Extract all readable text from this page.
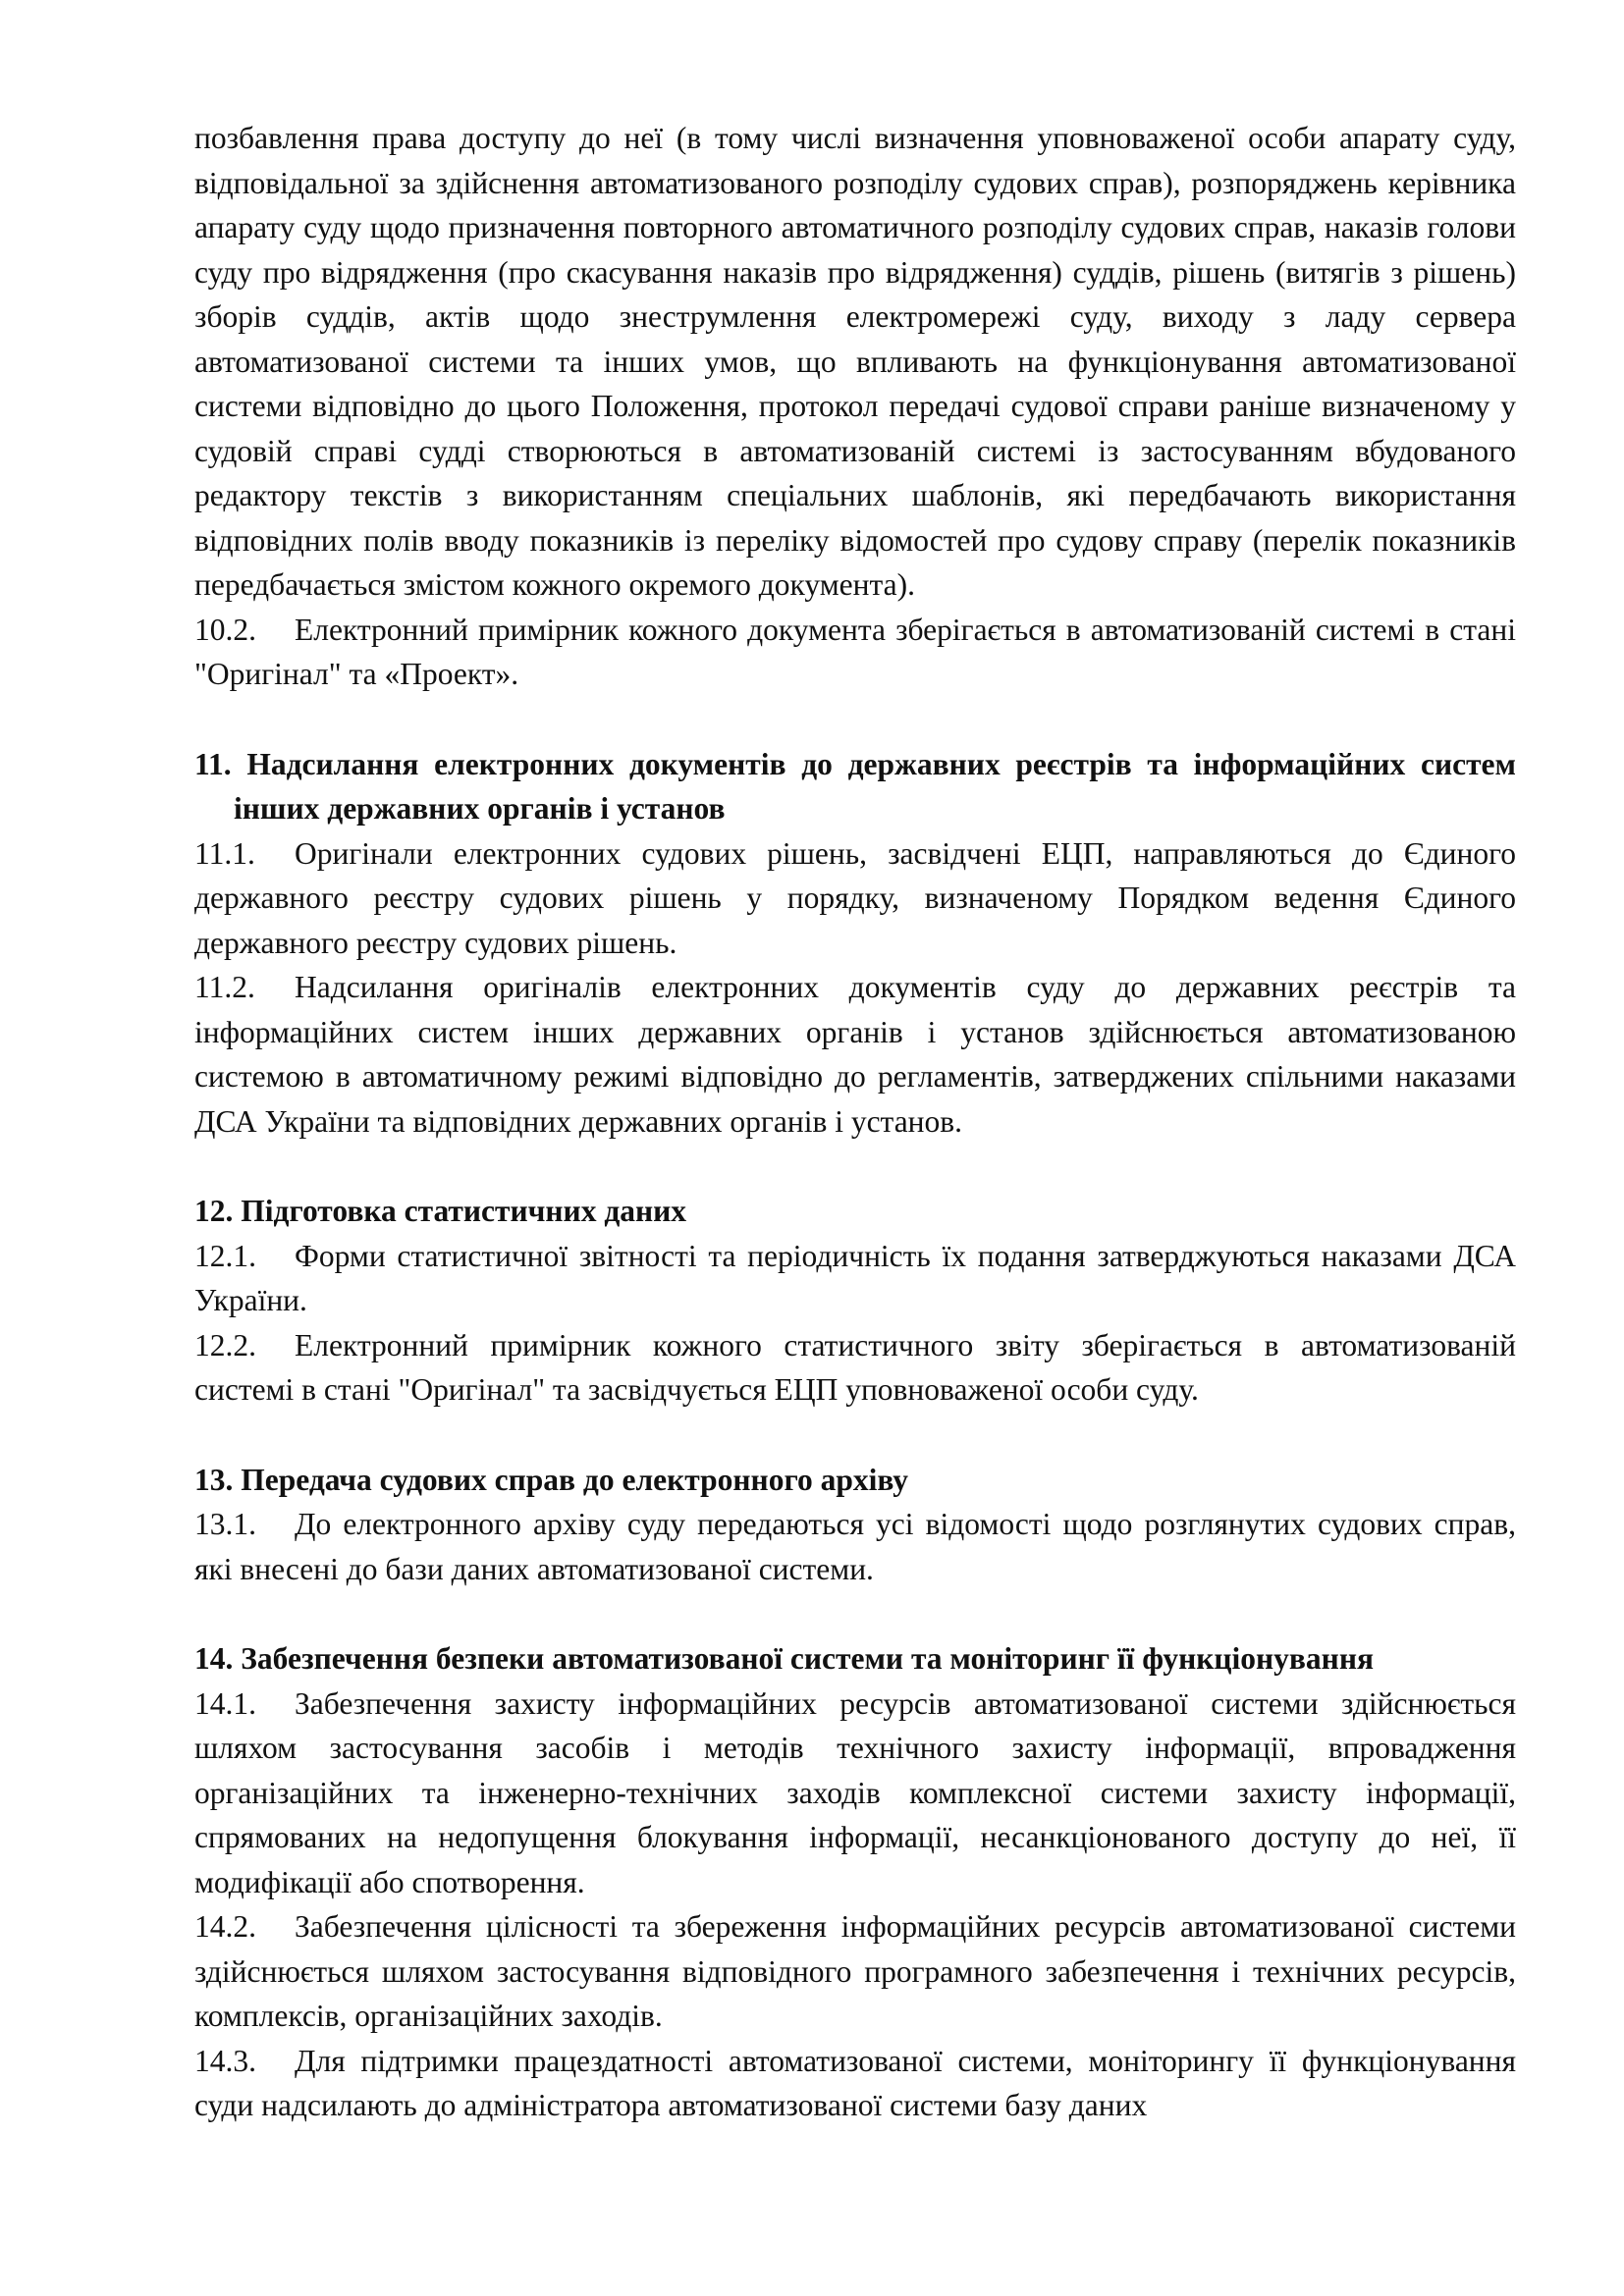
позбавлення права доступу до неї (в тому числі визначення уповноваженої особи апарату суду, відповідальної за здійснення автоматизованого розподілу судових справ), розпоряджень керівника апарату суду щодо призначення повторного автоматичного розподілу судових справ, наказів голови суду про відрядження (про скасування наказів про відрядження) суддів, рішень (витягів з рішень) зборів суддів, актів щодо знеструмлення електромережі суду, виходу з ладу сервера автоматизованої системи та інших умов, що впливають на функціонування автоматизованої системи відповідно до цього Положення, протокол передачі судової справи раніше визначеному у судовій справі судді створюються в автоматизованій системі із застосуванням вбудованого редактору текстів з використанням спеціальних шаблонів, які передбачають використання відповідних полів вводу показників із переліку відомостей про судову справу (перелік показників передбачається змістом кожного окремого документа).

10.2. Електронний примірник кожного документа зберігається в автоматизованій системі в стані "Оригінал" та «Проект».

11. Надсилання електронних документів до державних реєстрів та інформаційних систем інших державних органів і установ

11.1. Оригінали електронних судових рішень, засвідчені ЕЦП, направляються до Єдиного державного реєстру судових рішень у порядку, визначеному Порядком ведення Єдиного державного реєстру судових рішень.

11.2. Надсилання оригіналів електронних документів суду до державних реєстрів та інформаційних систем інших державних органів і установ здійснюється автоматизованою системою в автоматичному режимі відповідно до регламентів, затверджених спільними наказами ДСА України та відповідних державних органів і установ.

12. Підготовка статистичних даних

12.1. Форми статистичної звітності та періодичність їх подання затверджуються наказами ДСА України.

12.2. Електронний примірник кожного статистичного звіту зберігається в автоматизованій системі в стані "Оригінал" та засвідчується ЕЦП уповноваженої особи суду.

13. Передача судових справ до електронного архіву

13.1. До електронного архіву суду передаються усі відомості щодо розглянутих судових справ, які внесені до бази даних автоматизованої системи.

14. Забезпечення безпеки автоматизованої системи та моніторинг її функціонування

14.1. Забезпечення захисту інформаційних ресурсів автоматизованої системи здійснюється шляхом застосування засобів і методів технічного захисту інформації, впровадження організаційних та інженерно-технічних заходів комплексної системи захисту інформації, спрямованих на недопущення блокування інформації, несанкціонованого доступу до неї, її модифікації або спотворення.

14.2. Забезпечення цілісності та збереження інформаційних ресурсів автоматизованої системи здійснюється шляхом застосування відповідного програмного забезпечення і технічних ресурсів, комплексів, організаційних заходів.

14.3. Для підтримки працездатності автоматизованої системи, моніторингу її функціонування суди надсилають до адміністратора автоматизованої системи базу даних
